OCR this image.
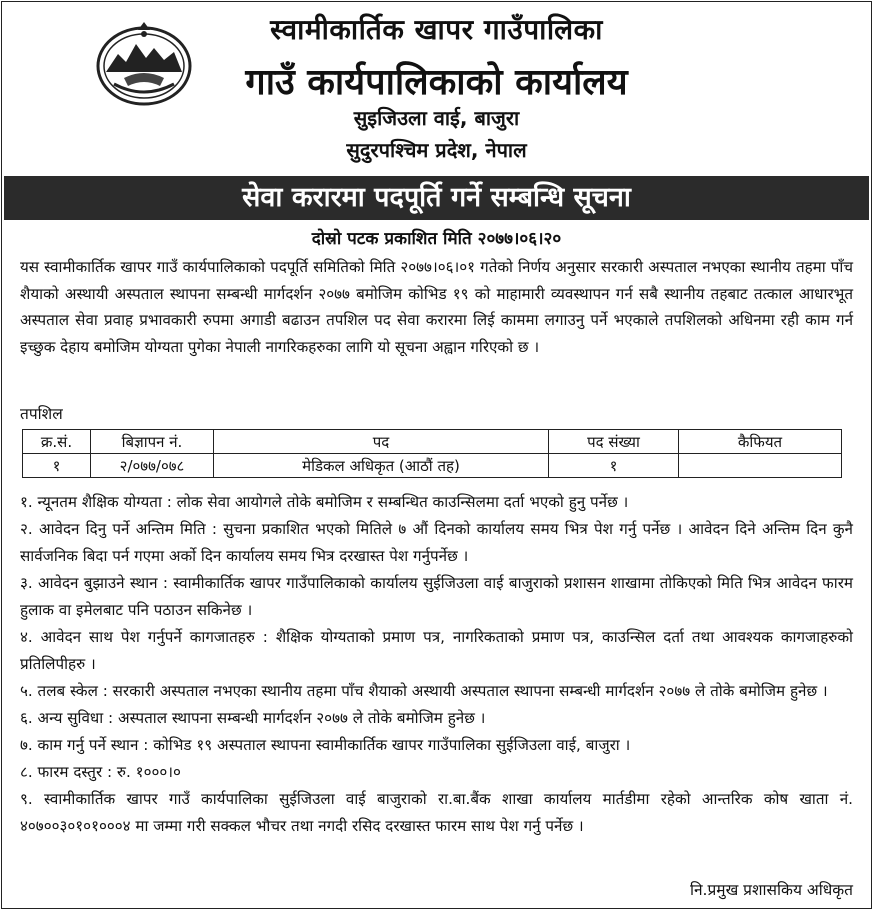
स्वामीकार्तिक खापर गाउँपालिका
गाउँ कार्यपालिकाको कार्यालय
सुइजिउला वाई, बाजुरा
सुदुरपश्चिम प्रदेश, नेपाल
सेवा करारमा पदपूर्ति गर्ने सम्बन्धि सूचना
दोस्रो पटक प्रकाशित मिति २०७७।०६।२०
यस स्वामीकार्तिक खापर गाउँ कार्यपालिकाको पदपूर्ति समितिको मिति २०७७।०६।०१ गतेको निर्णय अनुसार सरकारी अस्पताल नभएका स्थानीय तहमा पाँच शैयाको अस्थायी अस्पताल स्थापना सम्बन्धी मार्गदर्शन २०७७ बमोजिम कोभिड १९ को माहामारी व्यवस्थापन गर्न सबै स्थानीय तहबाट तत्काल आधारभूत अस्पताल सेवा प्रवाह प्रभावकारी रुपमा अगाडी बढाउन तपशिल पद सेवा करारमा लिई काममा लगाउनु पर्ने भएकाले तपशिलको अधिनमा रही काम गर्न इच्छुक देहाय बमोजिम योग्यता पुगेका नेपाली नागरिकहरुका लागि यो सूचना अह्वान गरिएको छ ।
तपशिल
क्र.सं.	बिज्ञापन नं.	पद	पद संख्या	कैफियत
१	२/०७७/०७८	मेडिकल अधिकृत (आठौं तह)	१	

१. न्यूनतम शैक्षिक योग्यता : लोक सेवा आयोगले तोके बमोजिम र सम्बन्धित काउन्सिलमा दर्ता भएको हुनु पर्नेछ ।

२. आवेदन दिनु पर्ने अन्तिम मिति : सुचना प्रकाशित भएको मितिले ७ औं दिनको कार्यालय समय भित्र पेश गर्नु पर्नेछ । आवेदन दिने अन्तिम दिन कुनै सार्वजनिक बिदा पर्न गएमा अर्को दिन कार्यालय समय भित्र दरखास्त पेश गर्नुपर्नेछ ।

३. आवेदन बुझाउने स्थान : स्वामीकार्तिक खापर गाउँपालिकाको कार्यालय सुईजिउला वाई बाजुराको प्रशासन शाखामा तोकिएको मिति भित्र आवेदन फारम हुलाक वा इमेलबाट पनि पठाउन सकिनेछ ।

४. आवेदन साथ पेश गर्नुपर्ने कागजातहरु : शैक्षिक योग्यताको प्रमाण पत्र, नागरिकताको प्रमाण पत्र, काउन्सिल दर्ता तथा आवश्यक कागजाहरुको प्रतिलिपीहरु ।

५. तलब स्केल : सरकारी अस्पताल नभएका स्थानीय तहमा पाँच शैयाको अस्थायी अस्पताल स्थापना सम्बन्धी मार्गदर्शन २०७७ ले तोके बमोजिम हुनेछ ।

६. अन्य सुविधा : अस्पताल स्थापना सम्बन्धी मार्गदर्शन २०७७ ले तोके बमोजिम हुनेछ ।

७. काम गर्नु पर्ने स्थान : कोभिड १९ अस्पताल स्थापना स्वामीकार्तिक खापर गाउँपालिका सुईजिउला वाई, बाजुरा ।

८. फारम दस्तुर : रु. १०००।०

९. स्वामीकार्तिक खापर गाउँ कार्यपालिका सुईजिउला वाई बाजुराको रा.बा.बैंक शाखा कार्यालय मार्तडीमा रहेको आन्तरिक कोष खाता नं. ४०७००३०१०१०००४ मा जम्मा गरी सक्कल भौचर तथा नगदी रसिद दरखास्त फारम साथ पेश गर्नु पर्नेछ ।

नि.प्रमुख प्रशासकिय अधिकृत
